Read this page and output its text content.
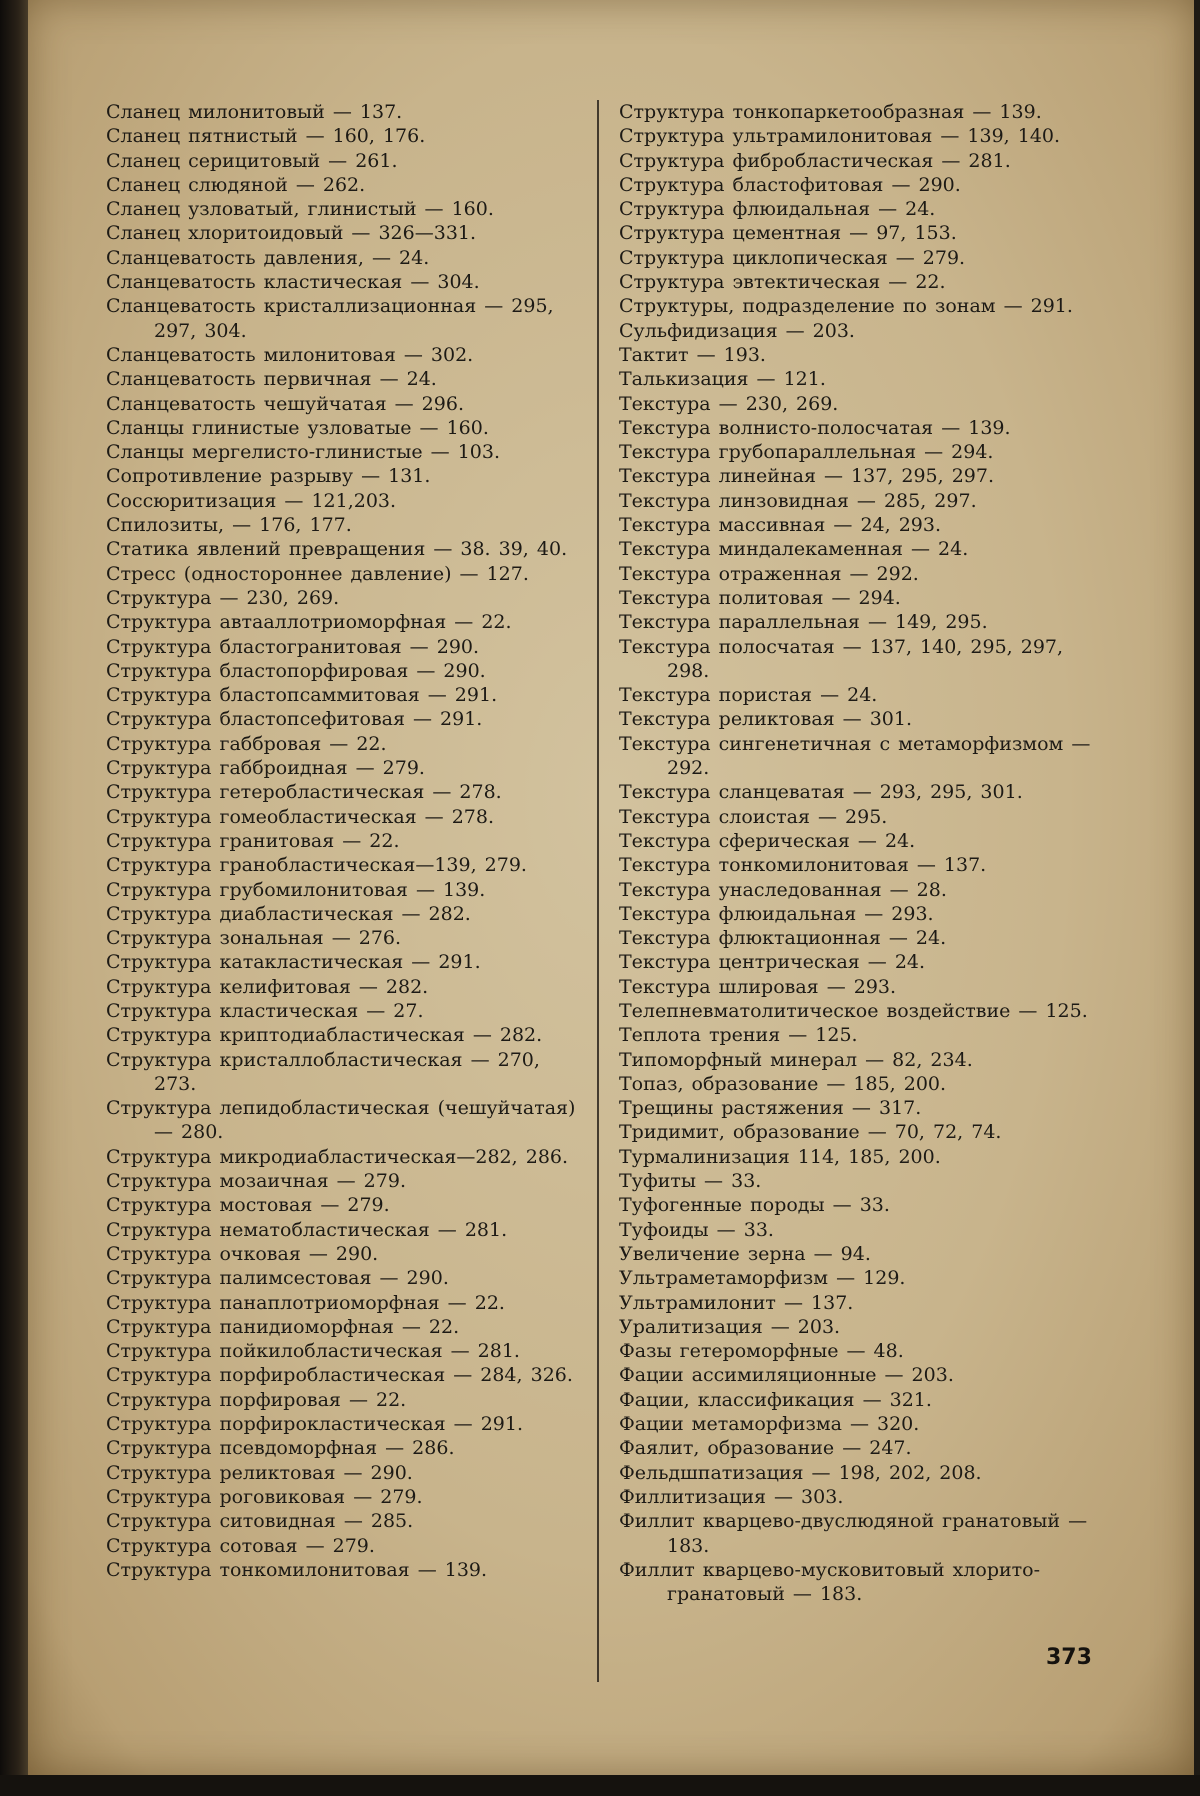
Сланец милонитовый — 137.

Сланец пятнистый — 160, 176.

Сланец серицитовый — 261.

Сланец слюдяной — 262.

Сланец узловатый, глинистый — 160.

Сланец хлоритоидовый — 326—331.

Сланцеватость давления, — 24.

Сланцеватость кластическая — 304.

Сланцеватость кристаллизационная — 295, 297, 304.

Сланцеватость милонитовая — 302.

Сланцеватость первичная — 24.

Сланцеватость чешуйчатая — 296.

Сланцы глинистые узловатые — 160.

Сланцы мергелисто-глинистые — 103.

Сопротивление разрыву — 131.

Соссюритизация — 121,203.

Спилозиты, — 176, 177.

Статика явлений превращения — 38. 39, 40.

Стресс (одностороннее давление) — 127.

Структура — 230, 269.

Структура автааллотриоморфная — 22.

Структура бластогранитовая — 290.

Структура бластопорфировая — 290.

Структура бластопсаммитовая — 291.

Структура бластопсефитовая — 291.

Структура габбровая — 22.

Структура габброидная — 279.

Структура гетеробластическая — 278.

Структура гомеобластическая — 278.

Структура гранитовая — 22.

Структура гранобластическая—139, 279.

Структура грубомилонитовая — 139.

Структура диабластическая — 282.

Структура зональная — 276.

Структура катакластическая — 291.

Структура келифитовая — 282.

Структура кластическая — 27.

Структура криптодиабластическая — 282.

Структура кристаллобластическая — 270, 273.

Структура лепидобластическая (чешуйчатая) — 280.

Структура микродиабластическая—282, 286.

Структура мозаичная — 279.

Структура мостовая — 279.

Структура нематобластическая — 281.

Структура очковая — 290.

Структура палимсестовая — 290.

Структура панаплотриоморфная — 22.

Структура панидиоморфная — 22.

Структура пойкилобластическая — 281.

Структура порфиробластическая — 284, 326.

Структура порфировая — 22.

Структура порфирокластическая — 291.

Структура псевдоморфная — 286.

Структура реликтовая — 290.

Структура роговиковая — 279.

Структура ситовидная — 285.

Структура сотовая — 279.

Структура тонкомилонитовая — 139.

Структура тонкопаркетообразная — 139.

Структура ультрамилонитовая — 139, 140.

Структура фибробластическая — 281.

Структура бластофитовая — 290.

Структура флюидальная — 24.

Структура цементная — 97, 153.

Структура циклопическая — 279.

Структура эвтектическая — 22.

Структуры, подразделение по зонам — 291.

Сульфидизация — 203.

Тактит — 193.

Талькизация — 121.

Текстура — 230, 269.

Текстура волнисто-полосчатая — 139.

Текстура грубопараллельная — 294.

Текстура линейная — 137, 295, 297.

Текстура линзовидная — 285, 297.

Текстура массивная — 24, 293.

Текстура миндалекаменная — 24.

Текстура отраженная — 292.

Текстура политовая — 294.

Текстура параллельная — 149, 295.

Текстура полосчатая — 137, 140, 295, 297, 298.

Текстура пористая — 24.

Текстура реликтовая — 301.

Текстура сингенетичная с метаморфизмом — 292.

Текстура сланцеватая — 293, 295, 301.

Текстура слоистая — 295.

Текстура сферическая — 24.

Текстура тонкомилонитовая — 137.

Текстура унаследованная — 28.

Текстура флюидальная — 293.

Текстура флюктационная — 24.

Текстура центрическая — 24.

Текстура шлировая — 293.

Телепневматолитическое воздействие — 125.

Теплота трения — 125.

Типоморфный минерал — 82, 234.

Топаз, образование — 185, 200.

Трещины растяжения — 317.

Тридимит, образование — 70, 72, 74.

Турмалинизация 114, 185, 200.

Туфиты — 33.

Туфогенные породы — 33.

Туфоиды — 33.

Увеличение зерна — 94.

Ультраметаморфизм — 129.

Ультрамилонит — 137.

Уралитизация — 203.

Фазы гетероморфные — 48.

Фации ассимиляционные — 203.

Фации, классификация — 321.

Фации метаморфизма — 320.

Фаялит, образование — 247.

Фельдшпатизация — 198, 202, 208.

Филлитизация — 303.

Филлит кварцево-двуслюдяной гранатовый — 183.

Филлит кварцево-мусковитовый хлорито-гранатовый — 183.

373
